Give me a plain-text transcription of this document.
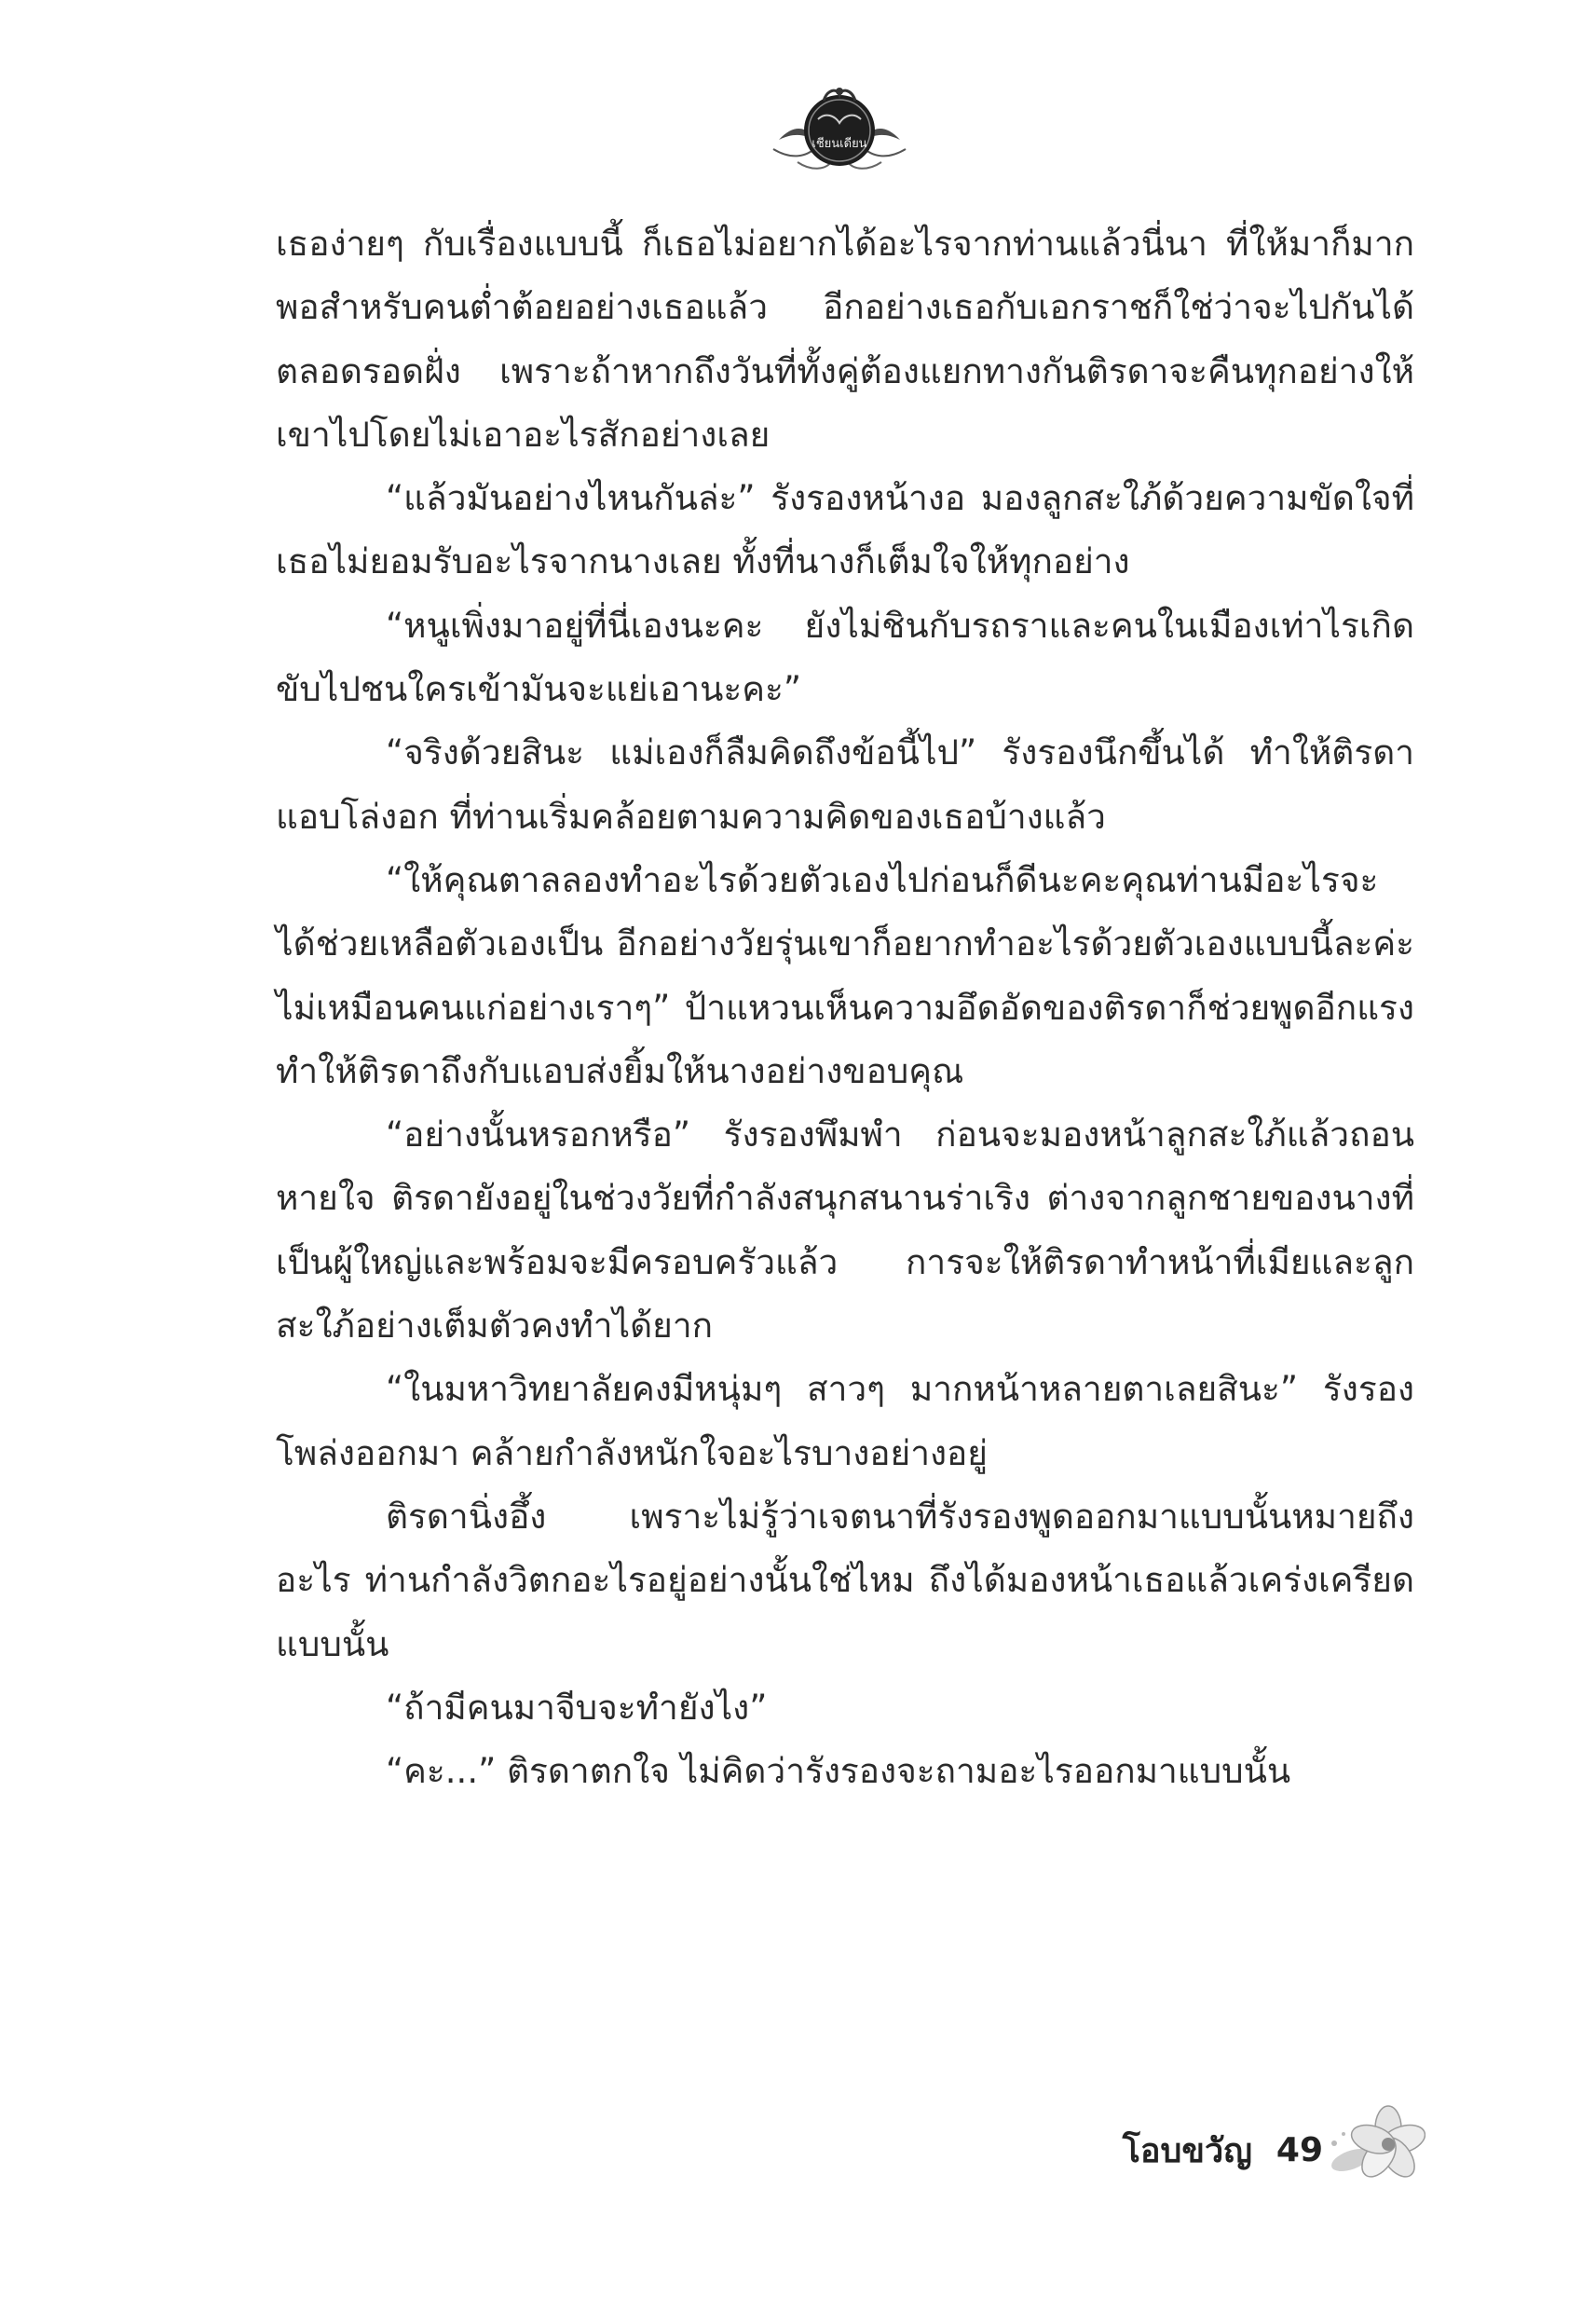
เชียนเดียน

เธอง่ายๆ กับเรื่องแบบนี้ ก็เธอไม่อยากได้อะไรจากท่านแล้วนี่นา ที่ให้มาก็มากพอสำหรับคนต่ำต้อยอย่างเธอแล้ว อีกอย่างเธอกับเอกราชก็ใช่ว่าจะไปกันได้ตลอดรอดฝั่ง เพราะถ้าหากถึงวันที่ทั้งคู่ต้องแยกทางกันติรดาจะคืนทุกอย่างให้เขาไปโดยไม่เอาอะไรสักอย่างเลย

“แล้วมันอย่างไหนกันล่ะ” รังรองหน้างอ มองลูกสะใภ้ด้วยความขัดใจที่เธอไม่ยอมรับอะไรจากนางเลย ทั้งที่นางก็เต็มใจให้ทุกอย่าง

“หนูเพิ่งมาอยู่ที่นี่เองนะคะ ยังไม่ชินกับรถราและคนในเมืองเท่าไรเกิดขับไปชนใครเข้ามันจะแย่เอานะคะ”

“จริงด้วยสินะ แม่เองก็ลืมคิดถึงข้อนี้ไป” รังรองนึกขึ้นได้ ทำให้ติรดาแอบโล่งอก ที่ท่านเริ่มคล้อยตามความคิดของเธอบ้างแล้ว

“ให้คุณตาลลองทำอะไรด้วยตัวเองไปก่อนก็ดีนะคะคุณท่านมีอะไรจะได้ช่วยเหลือตัวเองเป็น อีกอย่างวัยรุ่นเขาก็อยากทำอะไรด้วยตัวเองแบบนี้ละค่ะ ไม่เหมือนคนแก่อย่างเราๆ” ป้าแหวนเห็นความอึดอัดของติรดาก็ช่วยพูดอีกแรง ทำให้ติรดาถึงกับแอบส่งยิ้มให้นางอย่างขอบคุณ

“อย่างนั้นหรอกหรือ” รังรองพึมพำ ก่อนจะมองหน้าลูกสะใภ้แล้วถอนหายใจ ติรดายังอยู่ในช่วงวัยที่กำลังสนุกสนานร่าเริง ต่างจากลูกชายของนางที่เป็นผู้ใหญ่และพร้อมจะมีครอบครัวแล้ว การจะให้ติรดาทำหน้าที่เมียและลูกสะใภ้อย่างเต็มตัวคงทำได้ยาก

“ในมหาวิทยาลัยคงมีหนุ่มๆ สาวๆ มากหน้าหลายตาเลยสินะ” รังรองโพล่งออกมา คล้ายกำลังหนักใจอะไรบางอย่างอยู่

ติรดานิ่งอึ้ง เพราะไม่รู้ว่าเจตนาที่รังรองพูดออกมาแบบนั้นหมายถึงอะไร ท่านกำลังวิตกอะไรอยู่อย่างนั้นใช่ไหม ถึงได้มองหน้าเธอแล้วเคร่งเครียดแบบนั้น

“ถ้ามีคนมาจีบจะทำยังไง”

“คะ...” ติรดาตกใจ ไม่คิดว่ารังรองจะถามอะไรออกมาแบบนั้น

โอบขวัญ 49
